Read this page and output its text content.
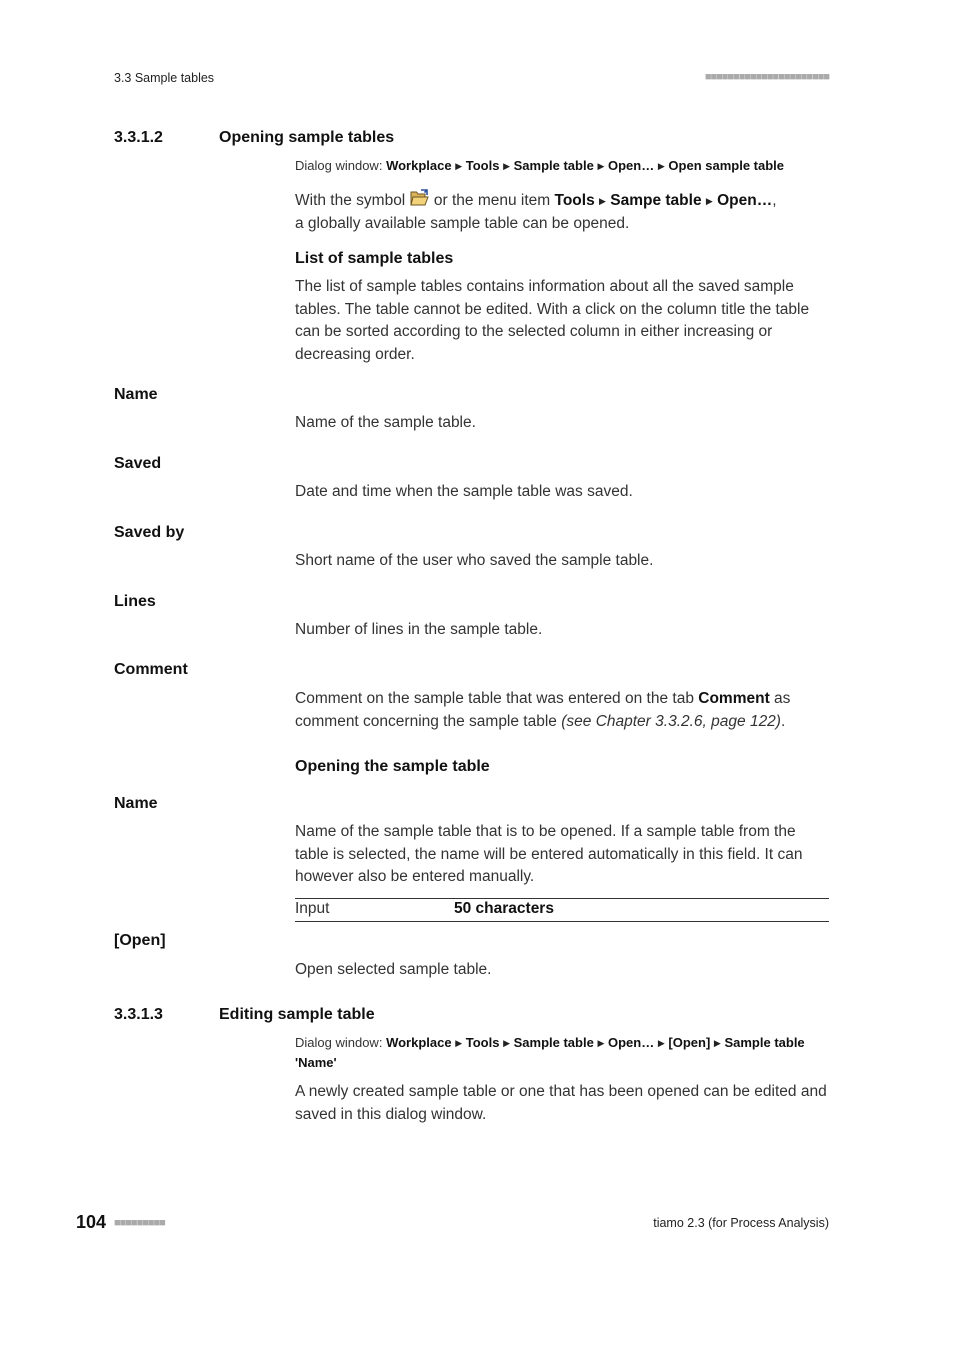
3.3 Sample tables	■■■■■■■■■■■■■■■■■■■■■■
3.3.1.2	Opening sample tables
Dialog window: Workplace ▶ Tools ▶ Sample table ▶ Open… ▶ Open sample table
With the symbol or the menu item Tools ▶ Sampe table ▶ Open…,
a globally available sample table can be opened.
List of sample tables
The list of sample tables contains information about all the saved sample tables. The table cannot be edited. With a click on the column title the table can be sorted according to the selected column in either increasing or decreasing order.
Name
Name of the sample table.
Saved
Date and time when the sample table was saved.
Saved by
Short name of the user who saved the sample table.
Lines
Number of lines in the sample table.
Comment
Comment on the sample table that was entered on the tab Comment as comment concerning the sample table (see Chapter 3.3.2.6, page 122).
Opening the sample table
Name
Name of the sample table that is to be opened. If a sample table from the table is selected, the name will be entered automatically in this field. It can however also be entered manually.
Input	50 characters
[Open]
Open selected sample table.
3.3.1.3	Editing sample table
Dialog window: Workplace ▶ Tools ▶ Sample table ▶ Open… ▶ [Open] ▶ Sample table 'Name'
A newly created sample table or one that has been opened can be edited and saved in this dialog window.
104 ■■■■■■■■■	tiamo 2.3 (for Process Analysis)
